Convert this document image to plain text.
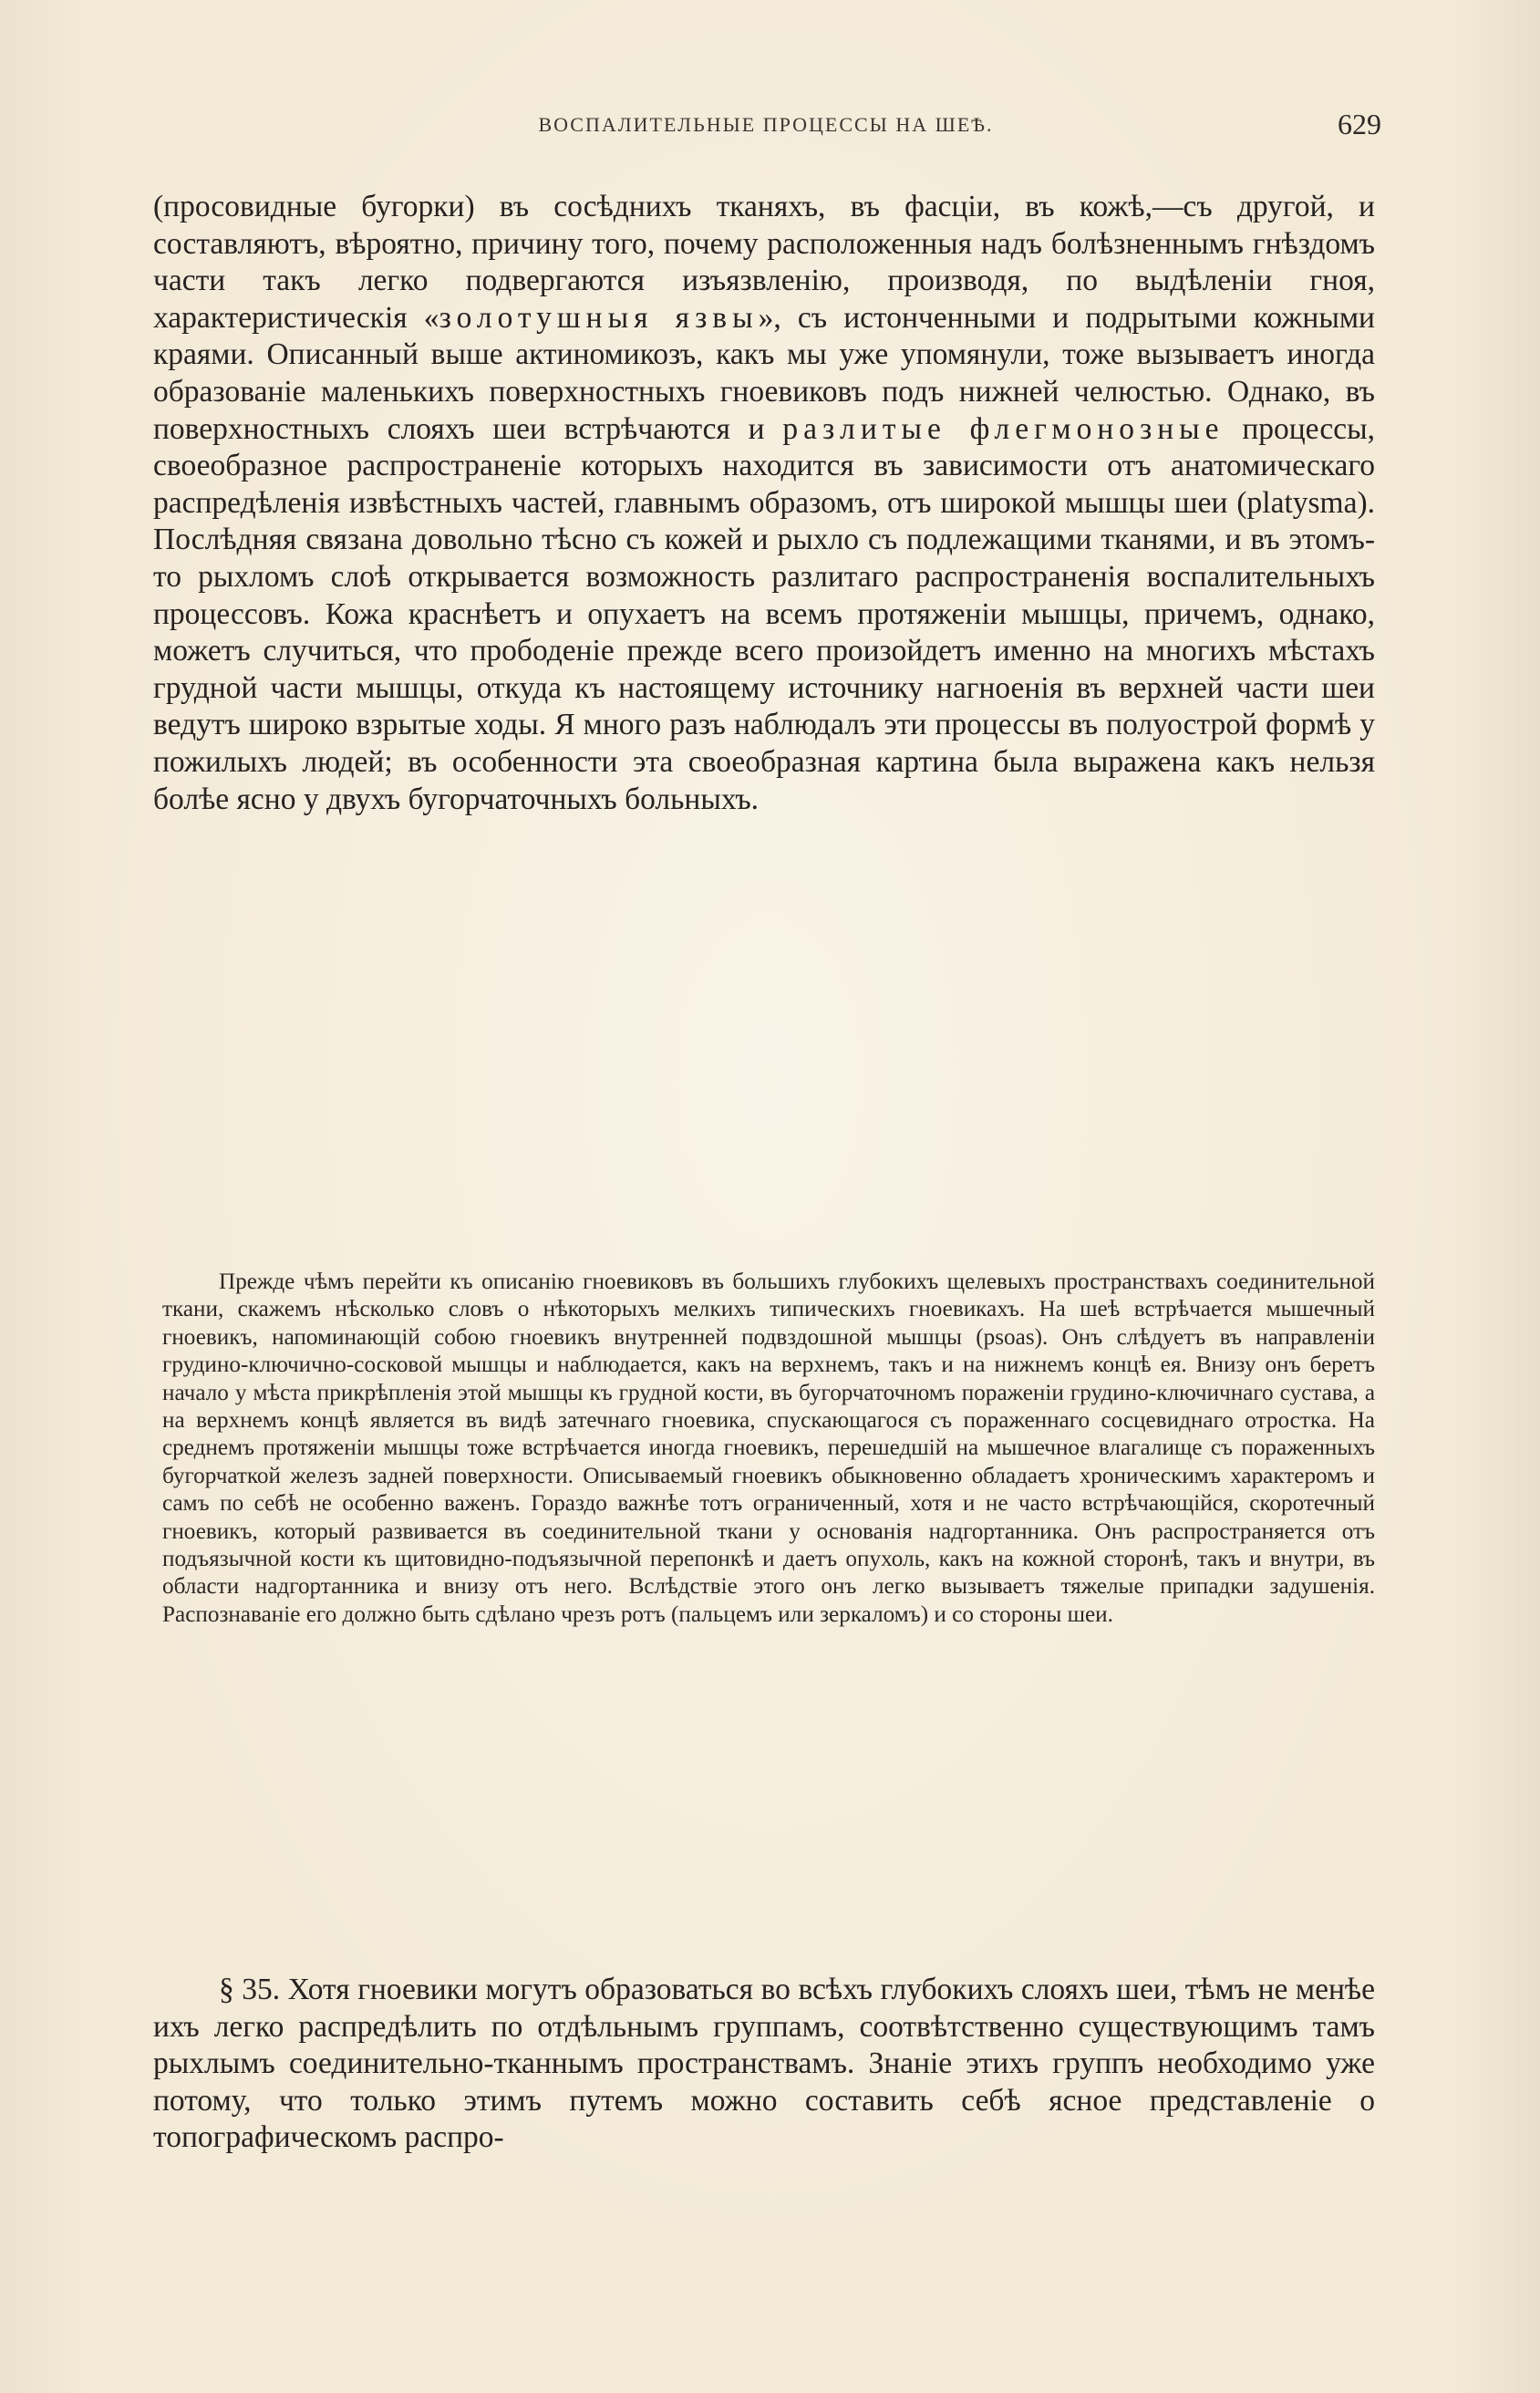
ВОСПАЛИТЕЛЬНЫЕ ПРОЦЕССЫ НА ШЕѢ.	629

(просовидные бугорки) въ сосѣднихъ тканяхъ, въ фасціи, въ кожѣ,—съ другой, и составляютъ, вѣроятно, причину того, почему расположенныя надъ болѣзненнымъ гнѣздомъ части такъ легко подвергаются изъязвленію, производя, по выдѣленіи гноя, характеристическія «золотушныя язвы», съ истонченными и подрытыми кожными краями. Описанный выше актиномикозъ, какъ мы уже упомянули, тоже вызываетъ иногда образованіе маленькихъ поверхностныхъ гноевиковъ подъ нижней челюстью. Однако, въ поверхностныхъ слояхъ шеи встрѣчаются и разлитые флегмонозные процессы, своеобразное распространеніе которыхъ находится въ зависимости отъ анатомическаго распредѣленія извѣстныхъ частей, главнымъ образомъ, отъ широкой мышцы шеи (platysma). Послѣдняя связана довольно тѣсно съ кожей и рыхло съ подлежащими тканями, и въ этомъ-то рыхломъ слоѣ открывается возможность разлитаго распространенія воспалительныхъ процессовъ. Кожа краснѣетъ и опухаетъ на всемъ протяженіи мышцы, причемъ, однако, можетъ случиться, что прободеніе прежде всего произойдетъ именно на многихъ мѣстахъ грудной части мышцы, откуда къ настоящему источнику нагноенія въ верхней части шеи ведутъ широко взрытые ходы. Я много разъ наблюдалъ эти процессы въ полуострой формѣ у пожилыхъ людей; въ особенности эта своеобразная картина была выражена какъ нельзя болѣе ясно у двухъ бугорчаточныхъ больныхъ.

Прежде чѣмъ перейти къ описанію гноевиковъ въ большихъ глубокихъ щелевыхъ пространствахъ соединительной ткани, скажемъ нѣсколько словъ о нѣкоторыхъ мелкихъ типическихъ гноевикахъ. На шеѣ встрѣчается мышечный гноевикъ, напоминающій собою гноевикъ внутренней подвздошной мышцы (psoas). Онъ слѣдуетъ въ направленіи грудино-ключично-сосковой мышцы и наблюдается, какъ на верхнемъ, такъ и на нижнемъ концѣ ея. Внизу онъ беретъ начало у мѣста прикрѣпленія этой мышцы къ грудной кости, въ бугорчаточномъ пораженіи грудино-ключичнаго сустава, а на верхнемъ концѣ является въ видѣ затечнаго гноевика, спускающагося съ пораженнаго сосцевиднаго отростка. На среднемъ протяженіи мышцы тоже встрѣчается иногда гноевикъ, перешедшій на мышечное влагалище съ пораженныхъ бугорчаткой железъ задней поверхности. Описываемый гноевикъ обыкновенно обладаетъ хроническимъ характеромъ и самъ по себѣ не особенно важенъ. Гораздо важнѣе тотъ ограниченный, хотя и не часто встрѣчающійся, скоротечный гноевикъ, который развивается въ соединительной ткани у основанія надгортанника. Онъ распространяется отъ подъязычной кости къ щитовидно-подъязычной перепонкѣ и даетъ опухоль, какъ на кожной сторонѣ, такъ и внутри, въ области надгортанника и внизу отъ него. Вслѣдствіе этого онъ легко вызываетъ тяжелые припадки задушенія. Распознаваніе его должно быть сдѣлано чрезъ ротъ (пальцемъ или зеркаломъ) и со стороны шеи.

§ 35. Хотя гноевики могутъ образоваться во всѣхъ глубокихъ слояхъ шеи, тѣмъ не менѣе ихъ легко распредѣлить по отдѣльнымъ группамъ, соотвѣтственно существующимъ тамъ рыхлымъ соединительно-тканнымъ пространствамъ. Знаніе этихъ группъ необходимо уже потому, что только этимъ путемъ можно составить себѣ ясное представленіе о топографическомъ распро-
